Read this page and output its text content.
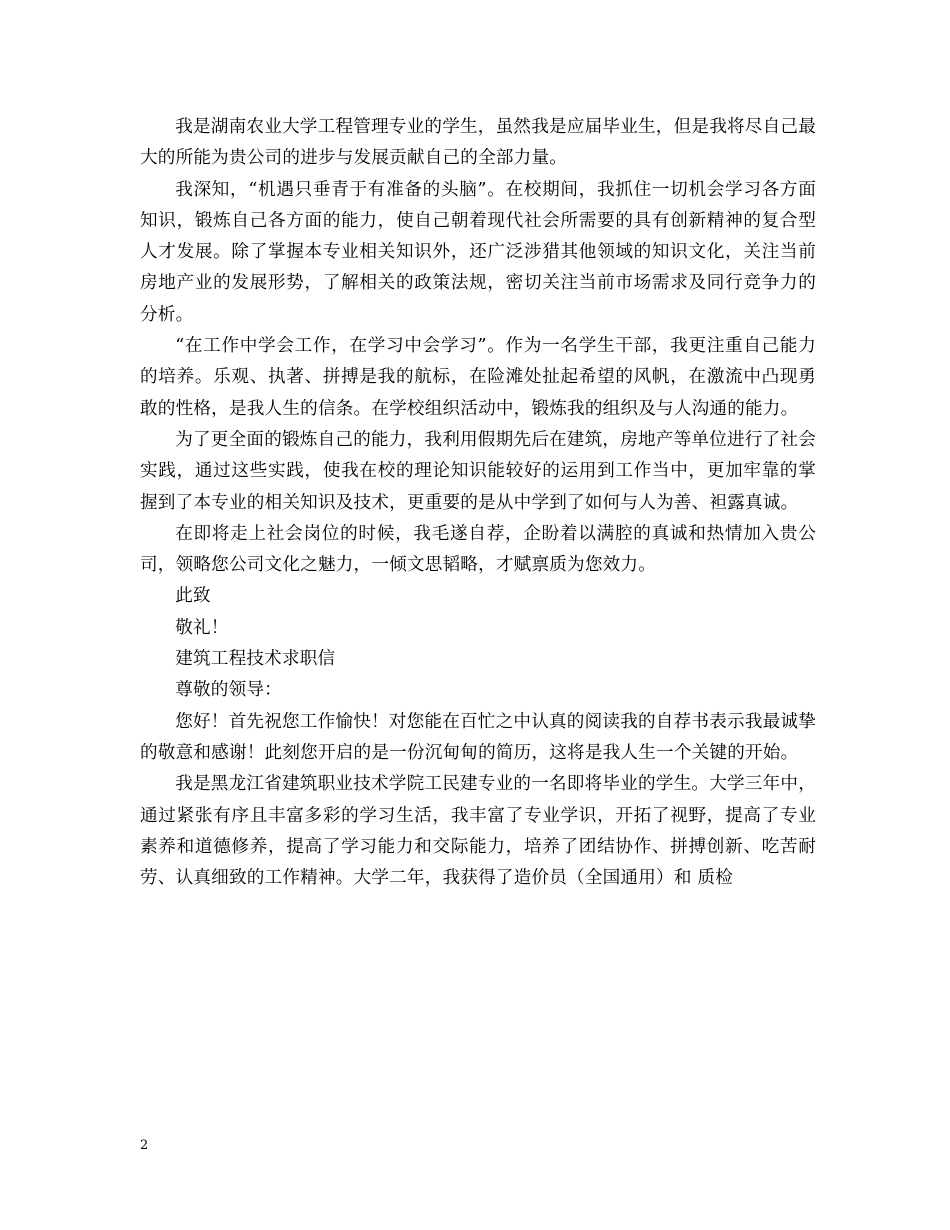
我是湖南农业大学工程管理专业的学生，虽然我是应届毕业生，但是我将尽自己最大的所能为贵公司的进步与发展贡献自己的全部力量。

我深知，“机遇只垂青于有准备的头脑”。在校期间，我抓住一切机会学习各方面知识，锻炼自己各方面的能力，使自己朝着现代社会所需要的具有创新精神的复合型人才发展。除了掌握本专业相关知识外，还广泛涉猎其他领域的知识文化，关注当前房地产业的发展形势，了解相关的政策法规，密切关注当前市场需求及同行竞争力的分析。

“在工作中学会工作，在学习中会学习”。作为一名学生干部，我更注重自己能力的培养。乐观、执著、拼搏是我的航标，在险滩处扯起希望的风帆，在激流中凸现勇敢的性格，是我人生的信条。在学校组织活动中，锻炼我的组织及与人沟通的能力。

为了更全面的锻炼自己的能力，我利用假期先后在建筑，房地产等单位进行了社会实践，通过这些实践，使我在校的理论知识能较好的运用到工作当中，更加牢靠的掌握到了本专业的相关知识及技术，更重要的是从中学到了如何与人为善、袒露真诚。

在即将走上社会岗位的时候，我毛遂自荐，企盼着以满腔的真诚和热情加入贵公司，领略您公司文化之魅力，一倾文思韬略，才赋禀质为您效力。

此致

敬礼！

建筑工程技术求职信

尊敬的领导：

您好！首先祝您工作愉快！对您能在百忙之中认真的阅读我的自荐书表示我最诚挚的敬意和感谢！此刻您开启的是一份沉甸甸的简历，这将是我人生一个关键的开始。

我是黑龙江省建筑职业技术学院工民建专业的一名即将毕业的学生。大学三年中，通过紧张有序且丰富多彩的学习生活，我丰富了专业学识，开拓了视野，提高了专业素养和道德修养，提高了学习能力和交际能力，培养了团结协作、拼搏创新、吃苦耐劳、认真细致的工作精神。大学二年，我获得了造价员（全国通用）和 质检

2
